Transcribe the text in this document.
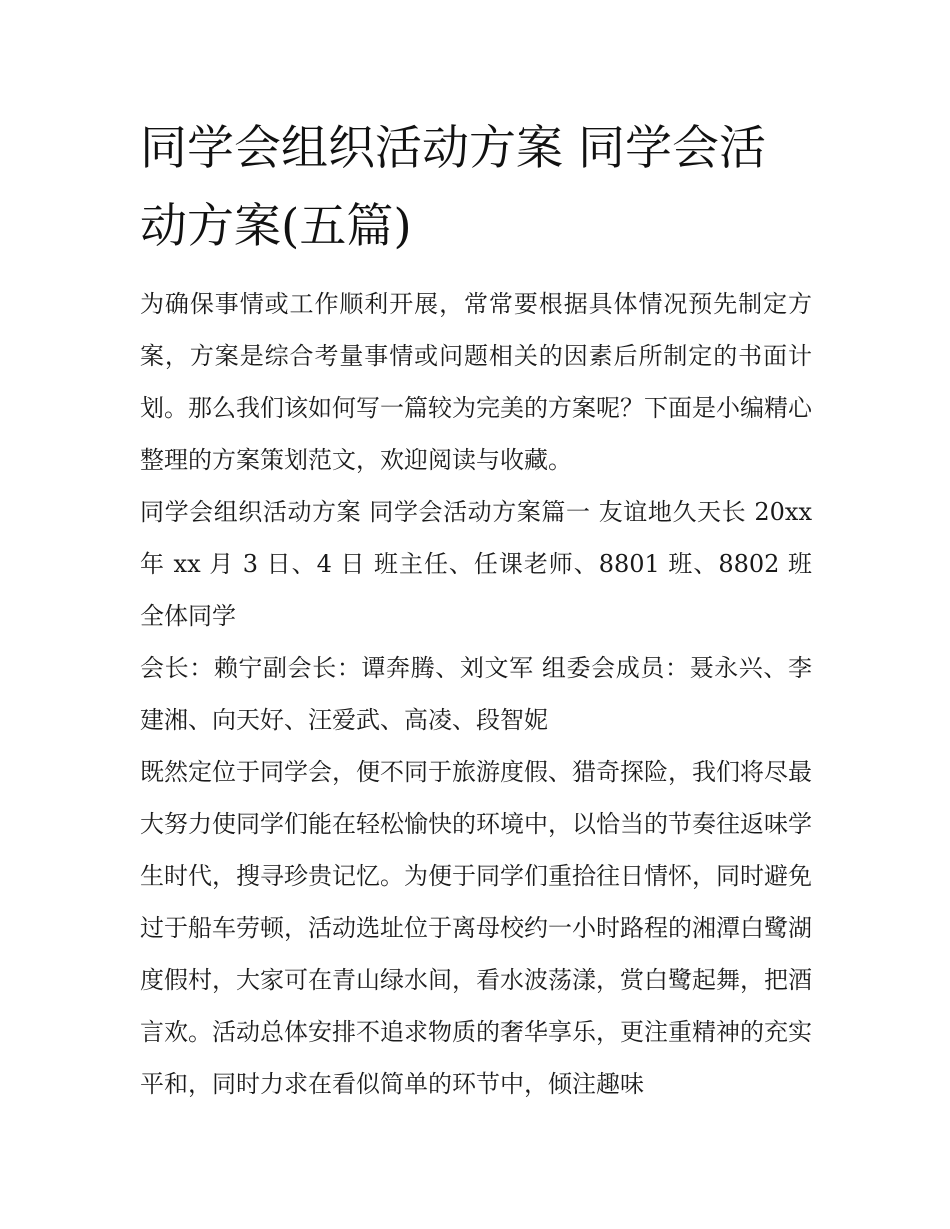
同学会组织活动方案 同学会活动方案(五篇)

为确保事情或工作顺利开展，常常要根据具体情况预先制定方案，方案是综合考量事情或问题相关的因素后所制定的书面计划。那么我们该如何写一篇较为完美的方案呢？下面是小编精心整理的方案策划范文，欢迎阅读与收藏。

同学会组织活动方案 同学会活动方案篇一 友谊地久天长 20xx年 xx 月 3 日、4 日 班主任、任课老师、8801 班、8802 班全体同学

会长：赖宁副会长：谭奔腾、刘文军 组委会成员：聂永兴、李建湘、向天好、汪爱武、高凌、段智妮

既然定位于同学会，便不同于旅游度假、猎奇探险，我们将尽最大努力使同学们能在轻松愉快的环境中，以恰当的节奏往返味学生时代，搜寻珍贵记忆。为便于同学们重拾往日情怀，同时避免过于船车劳顿，活动选址位于离母校约一小时路程的湘潭白鹭湖度假村，大家可在青山绿水间，看水波荡漾，赏白鹭起舞，把酒言欢。活动总体安排不追求物质的奢华享乐，更注重精神的充实平和，同时力求在看似简单的环节中，倾注趣味
